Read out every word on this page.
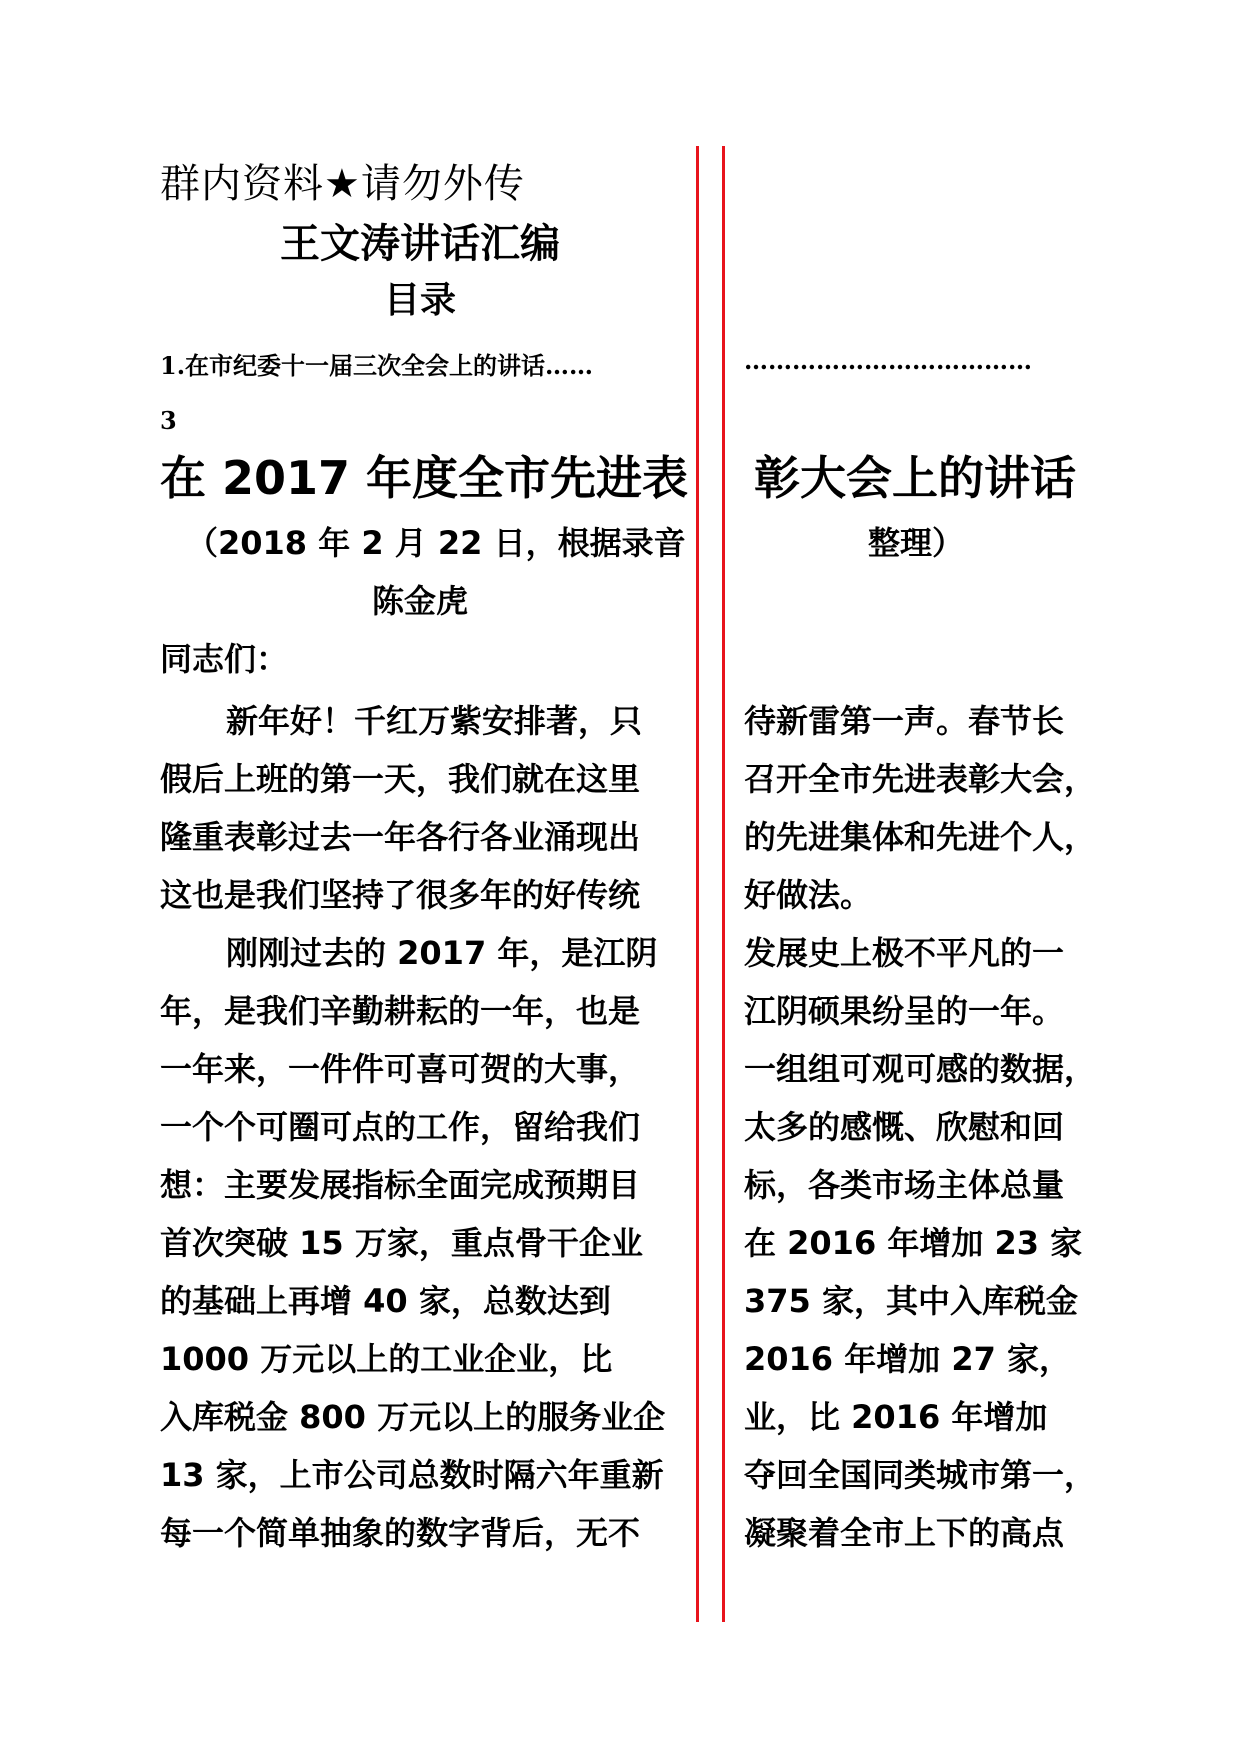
群内资料★请勿外传
王文涛讲话汇编
目录
1.在市纪委十一届三次全会上的讲话……
3
………………………………
在 2017 年度全市先进表 彰大会上的讲话
（2018 年 2 月 22 日，根据录音	整理）
陈金虎
同志们：
新年好！千红万紫安排著，只
假后上班的第一天，我们就在这里
隆重表彰过去一年各行各业涌现出
这也是我们坚持了很多年的好传统
刚刚过去的 2017 年，是江阴
年，是我们辛勤耕耘的一年，也是
一年来，一件件可喜可贺的大事，
一个个可圈可点的工作，留给我们
想：主要发展指标全面完成预期目
首次突破 15 万家，重点骨干企业
的基础上再增 40 家，总数达到
1000 万元以上的工业企业，比
入库税金 800 万元以上的服务业企
13 家，上市公司总数时隔六年重新
每一个简单抽象的数字背后，无不
待新雷第一声。春节长
召开全市先进表彰大会，
的先进集体和先进个人，
好做法。
发展史上极不平凡的一
江阴硕果纷呈的一年。
一组组可观可感的数据，
太多的感慨、欣慰和回
标，各类市场主体总量
在 2016 年增加 23 家
375 家，其中入库税金
2016 年增加 27 家，
业，比 2016 年增加
夺回全国同类城市第一，
凝聚着全市上下的高点
